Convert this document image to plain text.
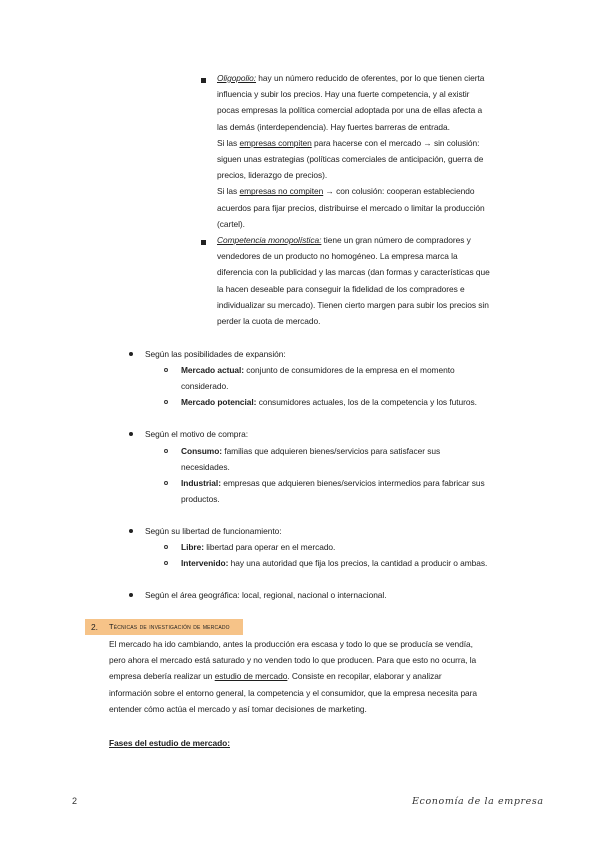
Oligopolio: hay un número reducido de oferentes, por lo que tienen cierta
influencia y subir los precios. Hay una fuerte competencia, y al existir
pocas empresas la política comercial adoptada por una de ellas afecta a
las demás (interdependencia). Hay fuertes barreras de entrada.
Si las empresas compiten para hacerse con el mercado → sin colusión:
siguen unas estrategias (políticas comerciales de anticipación, guerra de
precios, liderazgo de precios).
Si las empresas no compiten → con colusión: cooperan estableciendo
acuerdos para fijar precios, distribuirse el mercado o limitar la producción
(cartel).
Competencia monopolística: tiene un gran número de compradores y
vendedores de un producto no homogéneo. La empresa marca la
diferencia con la publicidad y las marcas (dan formas y características que
la hacen deseable para conseguir la fidelidad de los compradores e
individualizar su mercado). Tienen cierto margen para subir los precios sin
perder la cuota de mercado.
Según las posibilidades de expansión:
Mercado actual: conjunto de consumidores de la empresa en el momento
considerado.
Mercado potencial: consumidores actuales, los de la competencia y los futuros.
Según el motivo de compra:
Consumo: familias que adquieren bienes/servicios para satisfacer sus
necesidades.
Industrial: empresas que adquieren bienes/servicios intermedios para fabricar sus
productos.
Según su libertad de funcionamiento:
Libre: libertad para operar en el mercado.
Intervenido: hay una autoridad que fija los precios, la cantidad a producir o ambas.
Según el área geográfica: local, regional, nacional o internacional.
2. Técnicas de investigación de mercado
El mercado ha ido cambiando, antes la producción era escasa y todo lo que se producía se vendía,
pero ahora el mercado está saturado y no venden todo lo que producen. Para que esto no ocurra, la
empresa debería realizar un estudio de mercado. Consiste en recopilar, elaborar y analizar
información sobre el entorno general, la competencia y el consumidor, que la empresa necesita para
entender cómo actúa el mercado y así tomar decisiones de marketing.
Fases del estudio de mercado:
2	Economía de la empresa
